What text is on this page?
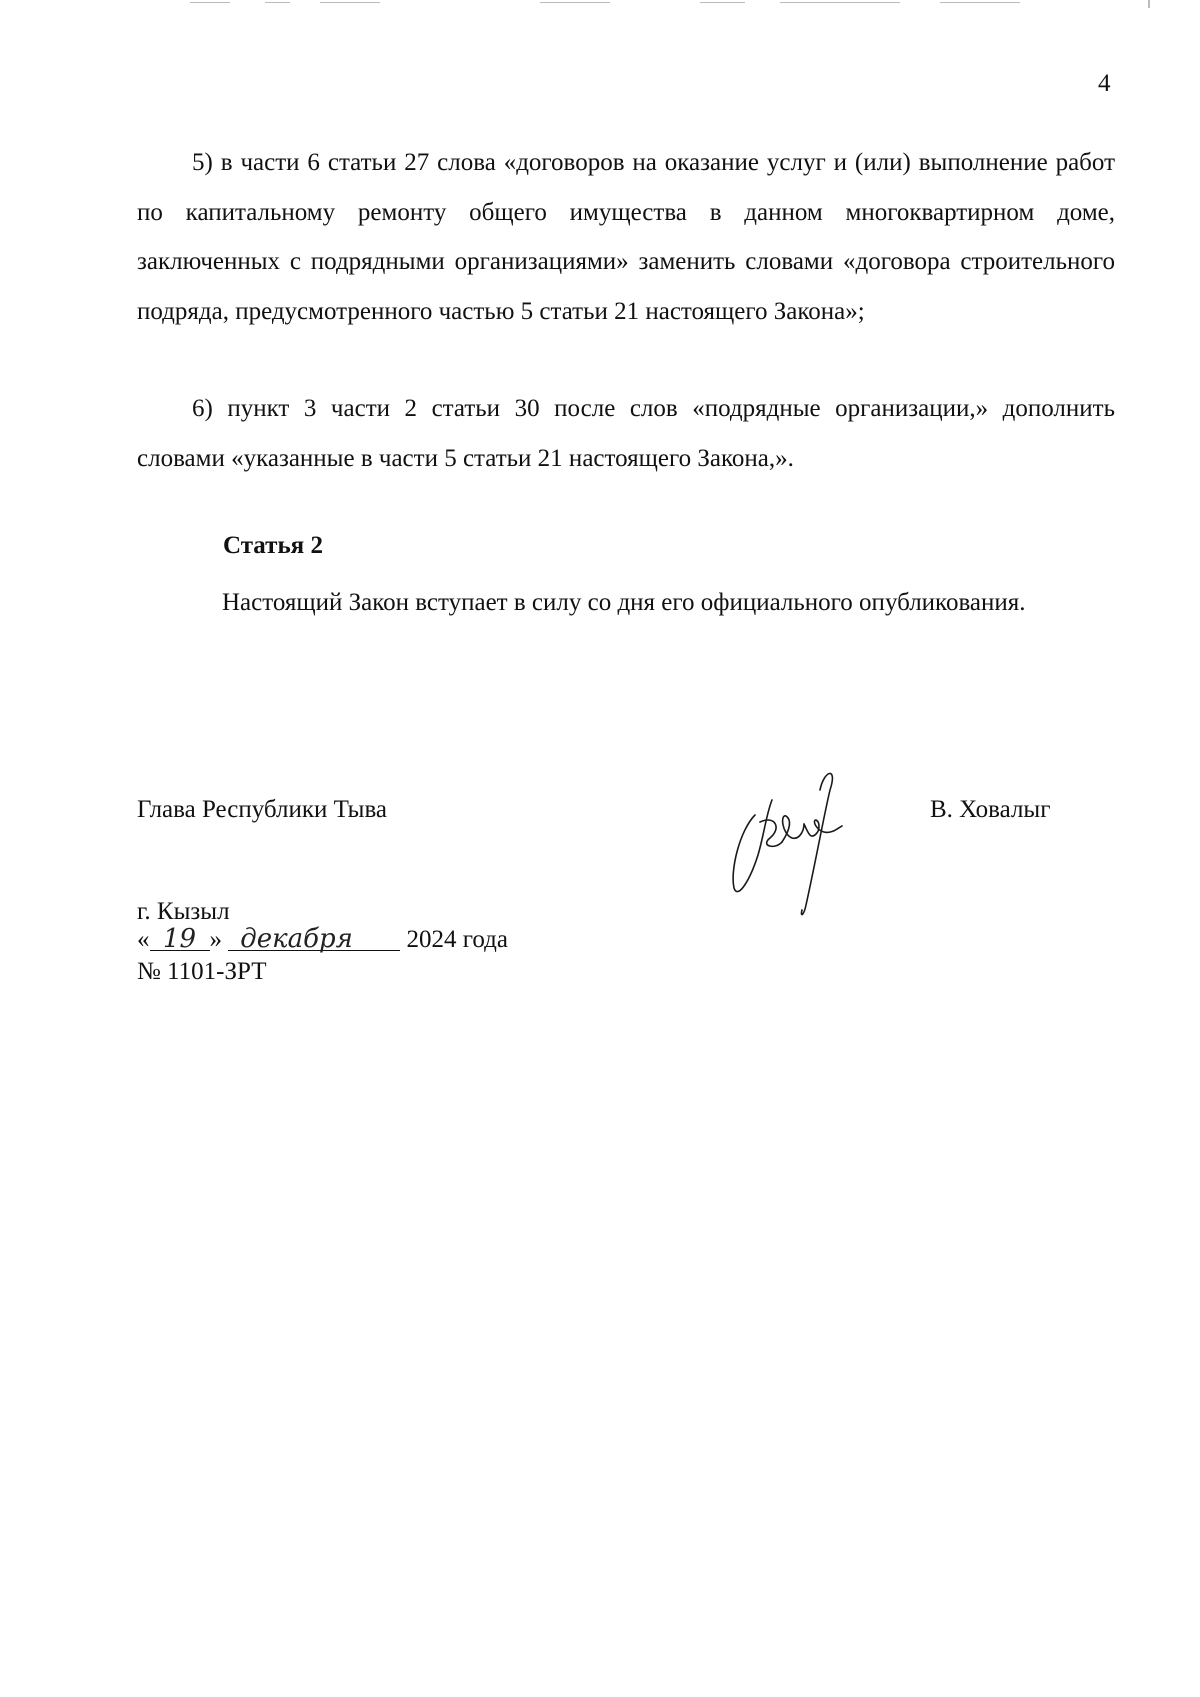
4

5) в части 6 статьи 27 слова «договоров на оказание услуг и (или) выполнение работ по капитальному ремонту общего имущества в данном многоквартирном доме, заключенных с подрядными организациями» заменить словами «договора строительного подряда, предусмотренного частью 5 статьи 21 настоящего Закона»;

6) пункт 3 части 2 статьи 30 после слов «подрядные организации,» дополнить словами «указанные в части 5 статьи 21 настоящего Закона,».

Статья 2

Настоящий Закон вступает в силу со дня его официального опубликования.

Глава Республики Тыва	В. Ховалыг
г. Кызыл
« 19 » декабря 2024 года
№ 1101-ЗРТ
